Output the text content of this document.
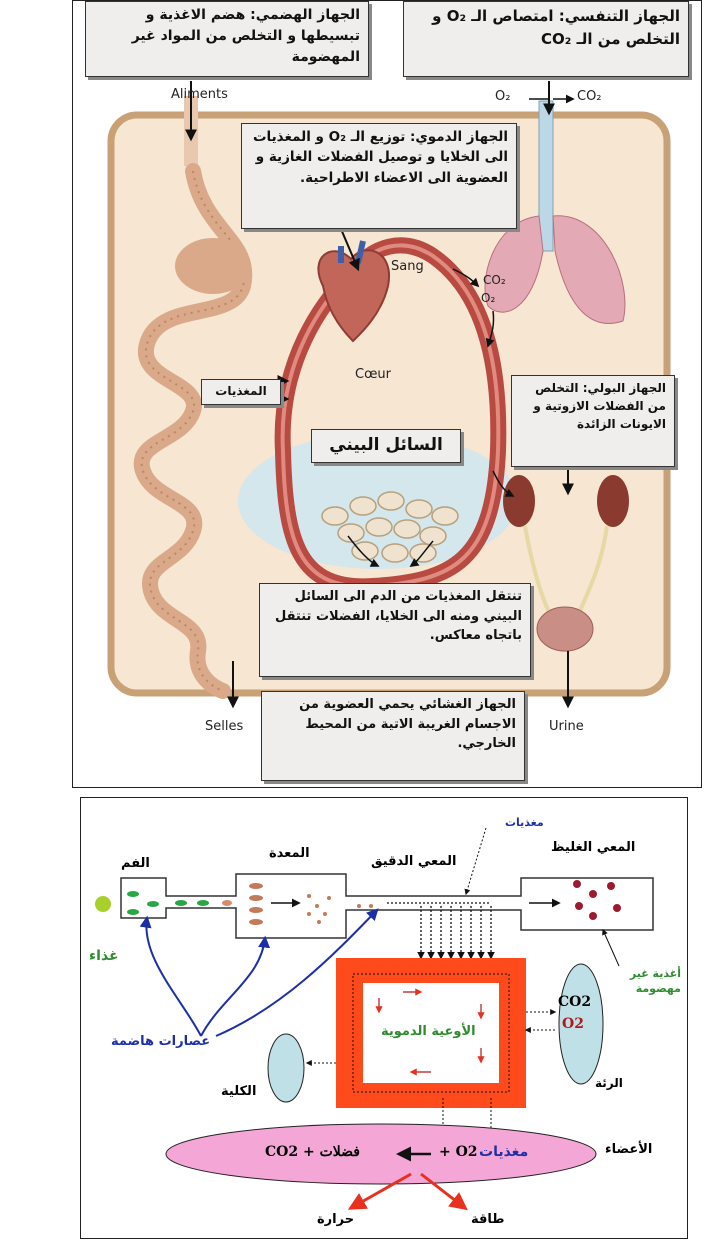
الجهاز الهضمي: هضم الاغذية و تبسيطها و التخلص من المواد غير المهضومة
الجهاز التنفسي: امتصاص الـ O₂ و التخلص من الـ CO₂
الجهاز الدموي: توزيع الـ O₂ و المغذيات الى الخلايا و توصيل الفضلات الغازية و العضوية الى الاعضاء الاطراحية.
الجهاز البولي: التخلص من الفضلات الازوتية و الايونات الزائدة
السائل البيني
تنتقل المغذيات من الدم الى السائل البيني ومنه الى الخلايا، الفضلات تنتقل باتجاه معاكس.
الجهاز الغشائي يحمي العضوية من الاجسام الغريبة الاتية من المحيط الخارجي.
المغذيات
Aliments	O₂	CO₂
Sang
CO₂
O₂
Cœur
Selles	Urine
مغذيات
الفم
المعدة
المعي الدقيق
المعي الغليظ
غذاء
أغذية غير مهضومة
عصارات هاضمة
الأوعية الدموية
CO2
O2
الرئة
الكلية
الأعضاء
فضلات + CO2	O2 + مغذيات
حرارة	طاقة
